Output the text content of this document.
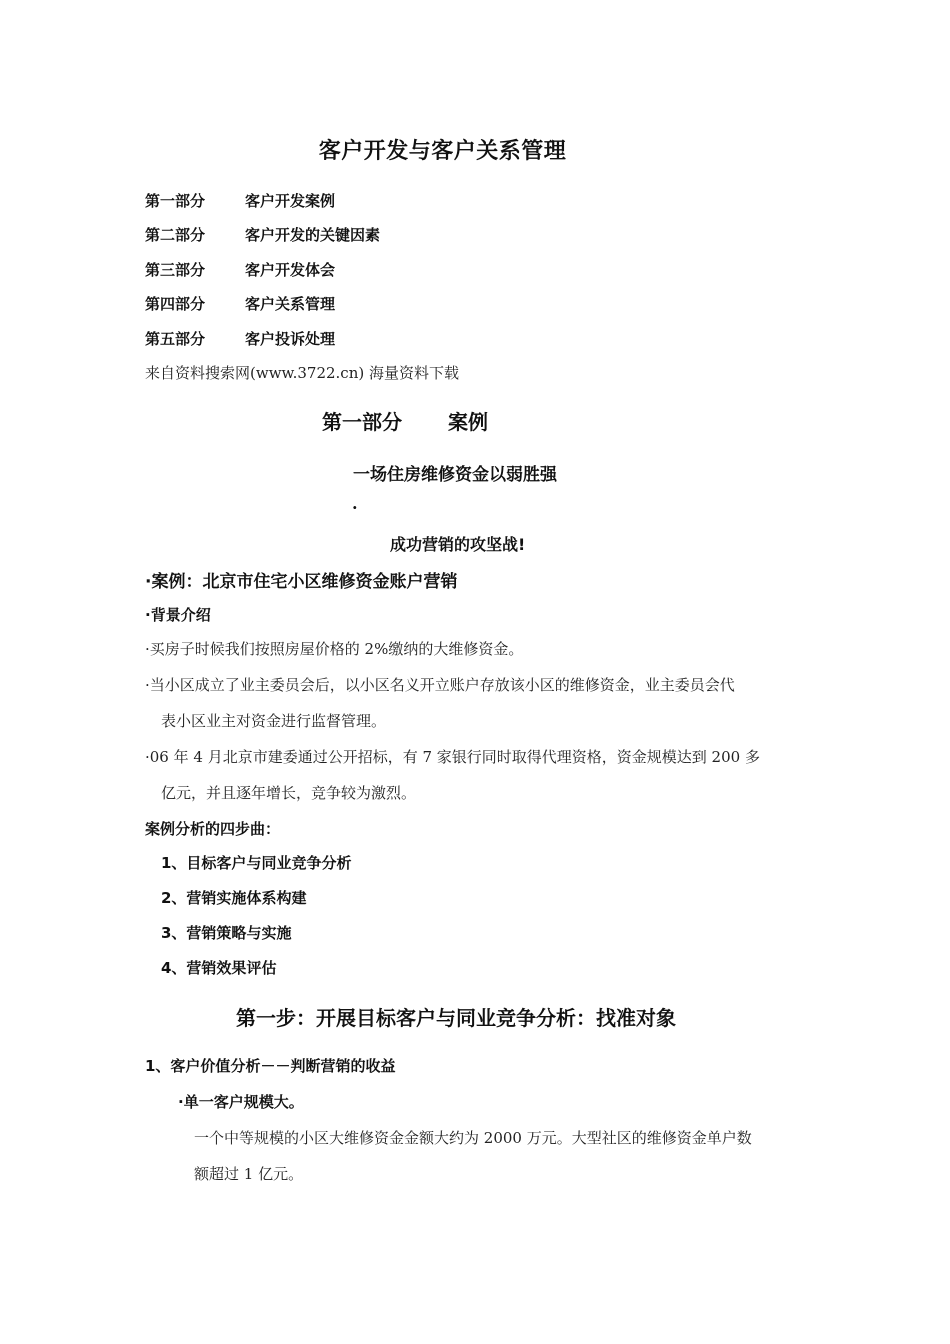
客户开发与客户关系管理
第一部分	客户开发案例
第二部分	客户开发的关键因素
第三部分	客户开发体会
第四部分	客户关系管理
第五部分	客户投诉处理
来自资料搜索网(www.3722.cn) 海量资料下载
第一部分 案例
一场住房维修资金以弱胜强
·
成功营销的攻坚战!
·案例：北京市住宅小区维修资金账户营销
·背景介绍
·买房子时候我们按照房屋价格的 2%缴纳的大维修资金。
·当小区成立了业主委员会后，以小区名义开立账户存放该小区的维修资金，业主委员会代
表小区业主对资金进行监督管理。
·06 年 4 月北京市建委通过公开招标，有 7 家银行同时取得代理资格，资金规模达到 200 多
亿元，并且逐年增长，竞争较为激烈。
案例分析的四步曲：
1、目标客户与同业竞争分析
2、营销实施体系构建
3、营销策略与实施
4、营销效果评估
第一步：开展目标客户与同业竞争分析：找准对象
1、客户价值分析－－判断营销的收益
·单一客户规模大。
一个中等规模的小区大维修资金金额大约为 2000 万元。大型社区的维修资金单户数
额超过 1 亿元。
